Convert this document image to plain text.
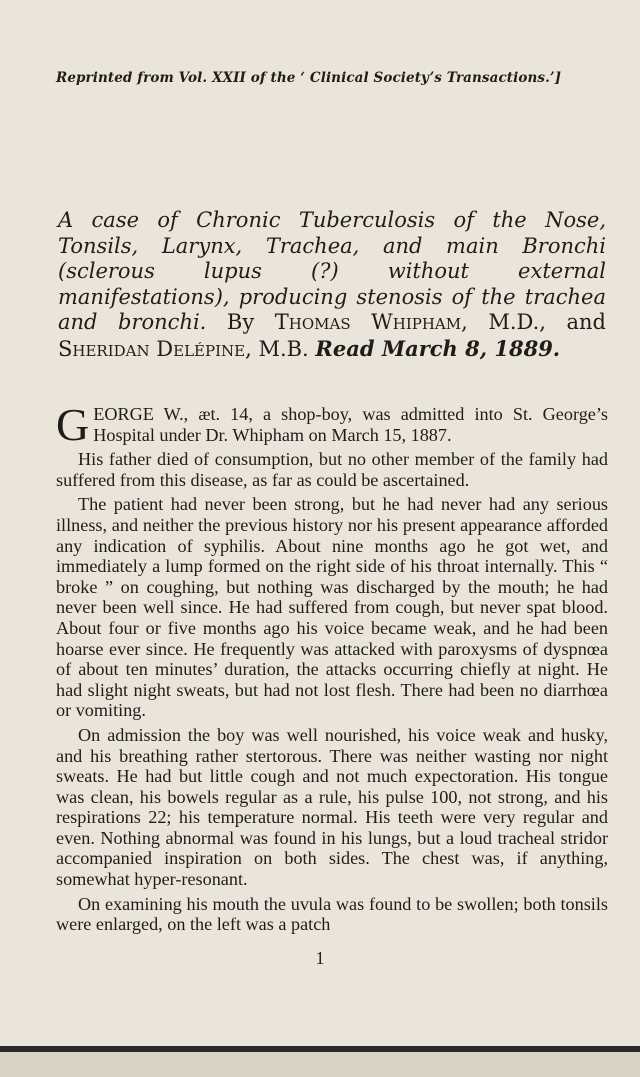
Reprinted from Vol. XXII of the ‘ Clinical Society’s Transactions.’]
A case of Chronic Tuberculosis of the Nose, Tonsils, Larynx, Trachea, and main Bronchi (sclerous lupus (?) without external manifestations), producing stenosis of the trachea and bronchi. By Thomas Whipham, M.D., and Sheridan Delépine, M.B. Read March 8, 1889.

GEORGE W., æt. 14, a shop-boy, was admitted into St. George’s Hospital under Dr. Whipham on March 15, 1887.

His father died of consumption, but no other member of the family had suffered from this disease, as far as could be ascertained.

The patient had never been strong, but he had never had any serious illness, and neither the previous history nor his present appearance afforded any indication of syphilis. About nine months ago he got wet, and immediately a lump formed on the right side of his throat internally. This “ broke ” on coughing, but nothing was discharged by the mouth; he had never been well since. He had suffered from cough, but never spat blood. About four or five months ago his voice became weak, and he had been hoarse ever since. He frequently was attacked with paroxysms of dyspnœa of about ten minutes’ duration, the attacks occurring chiefly at night. He had slight night sweats, but had not lost flesh. There had been no diarrhœa or vomiting.

On admission the boy was well nourished, his voice weak and husky, and his breathing rather stertorous. There was neither wasting nor night sweats. He had but little cough and not much expectoration. His tongue was clean, his bowels regular as a rule, his pulse 100, not strong, and his respirations 22; his temperature normal. His teeth were very regular and even. Nothing abnormal was found in his lungs, but a loud tracheal stridor accompanied inspiration on both sides. The chest was, if anything, somewhat hyper-resonant.

On examining his mouth the uvula was found to be swollen; both tonsils were enlarged, on the left was a patch

1
